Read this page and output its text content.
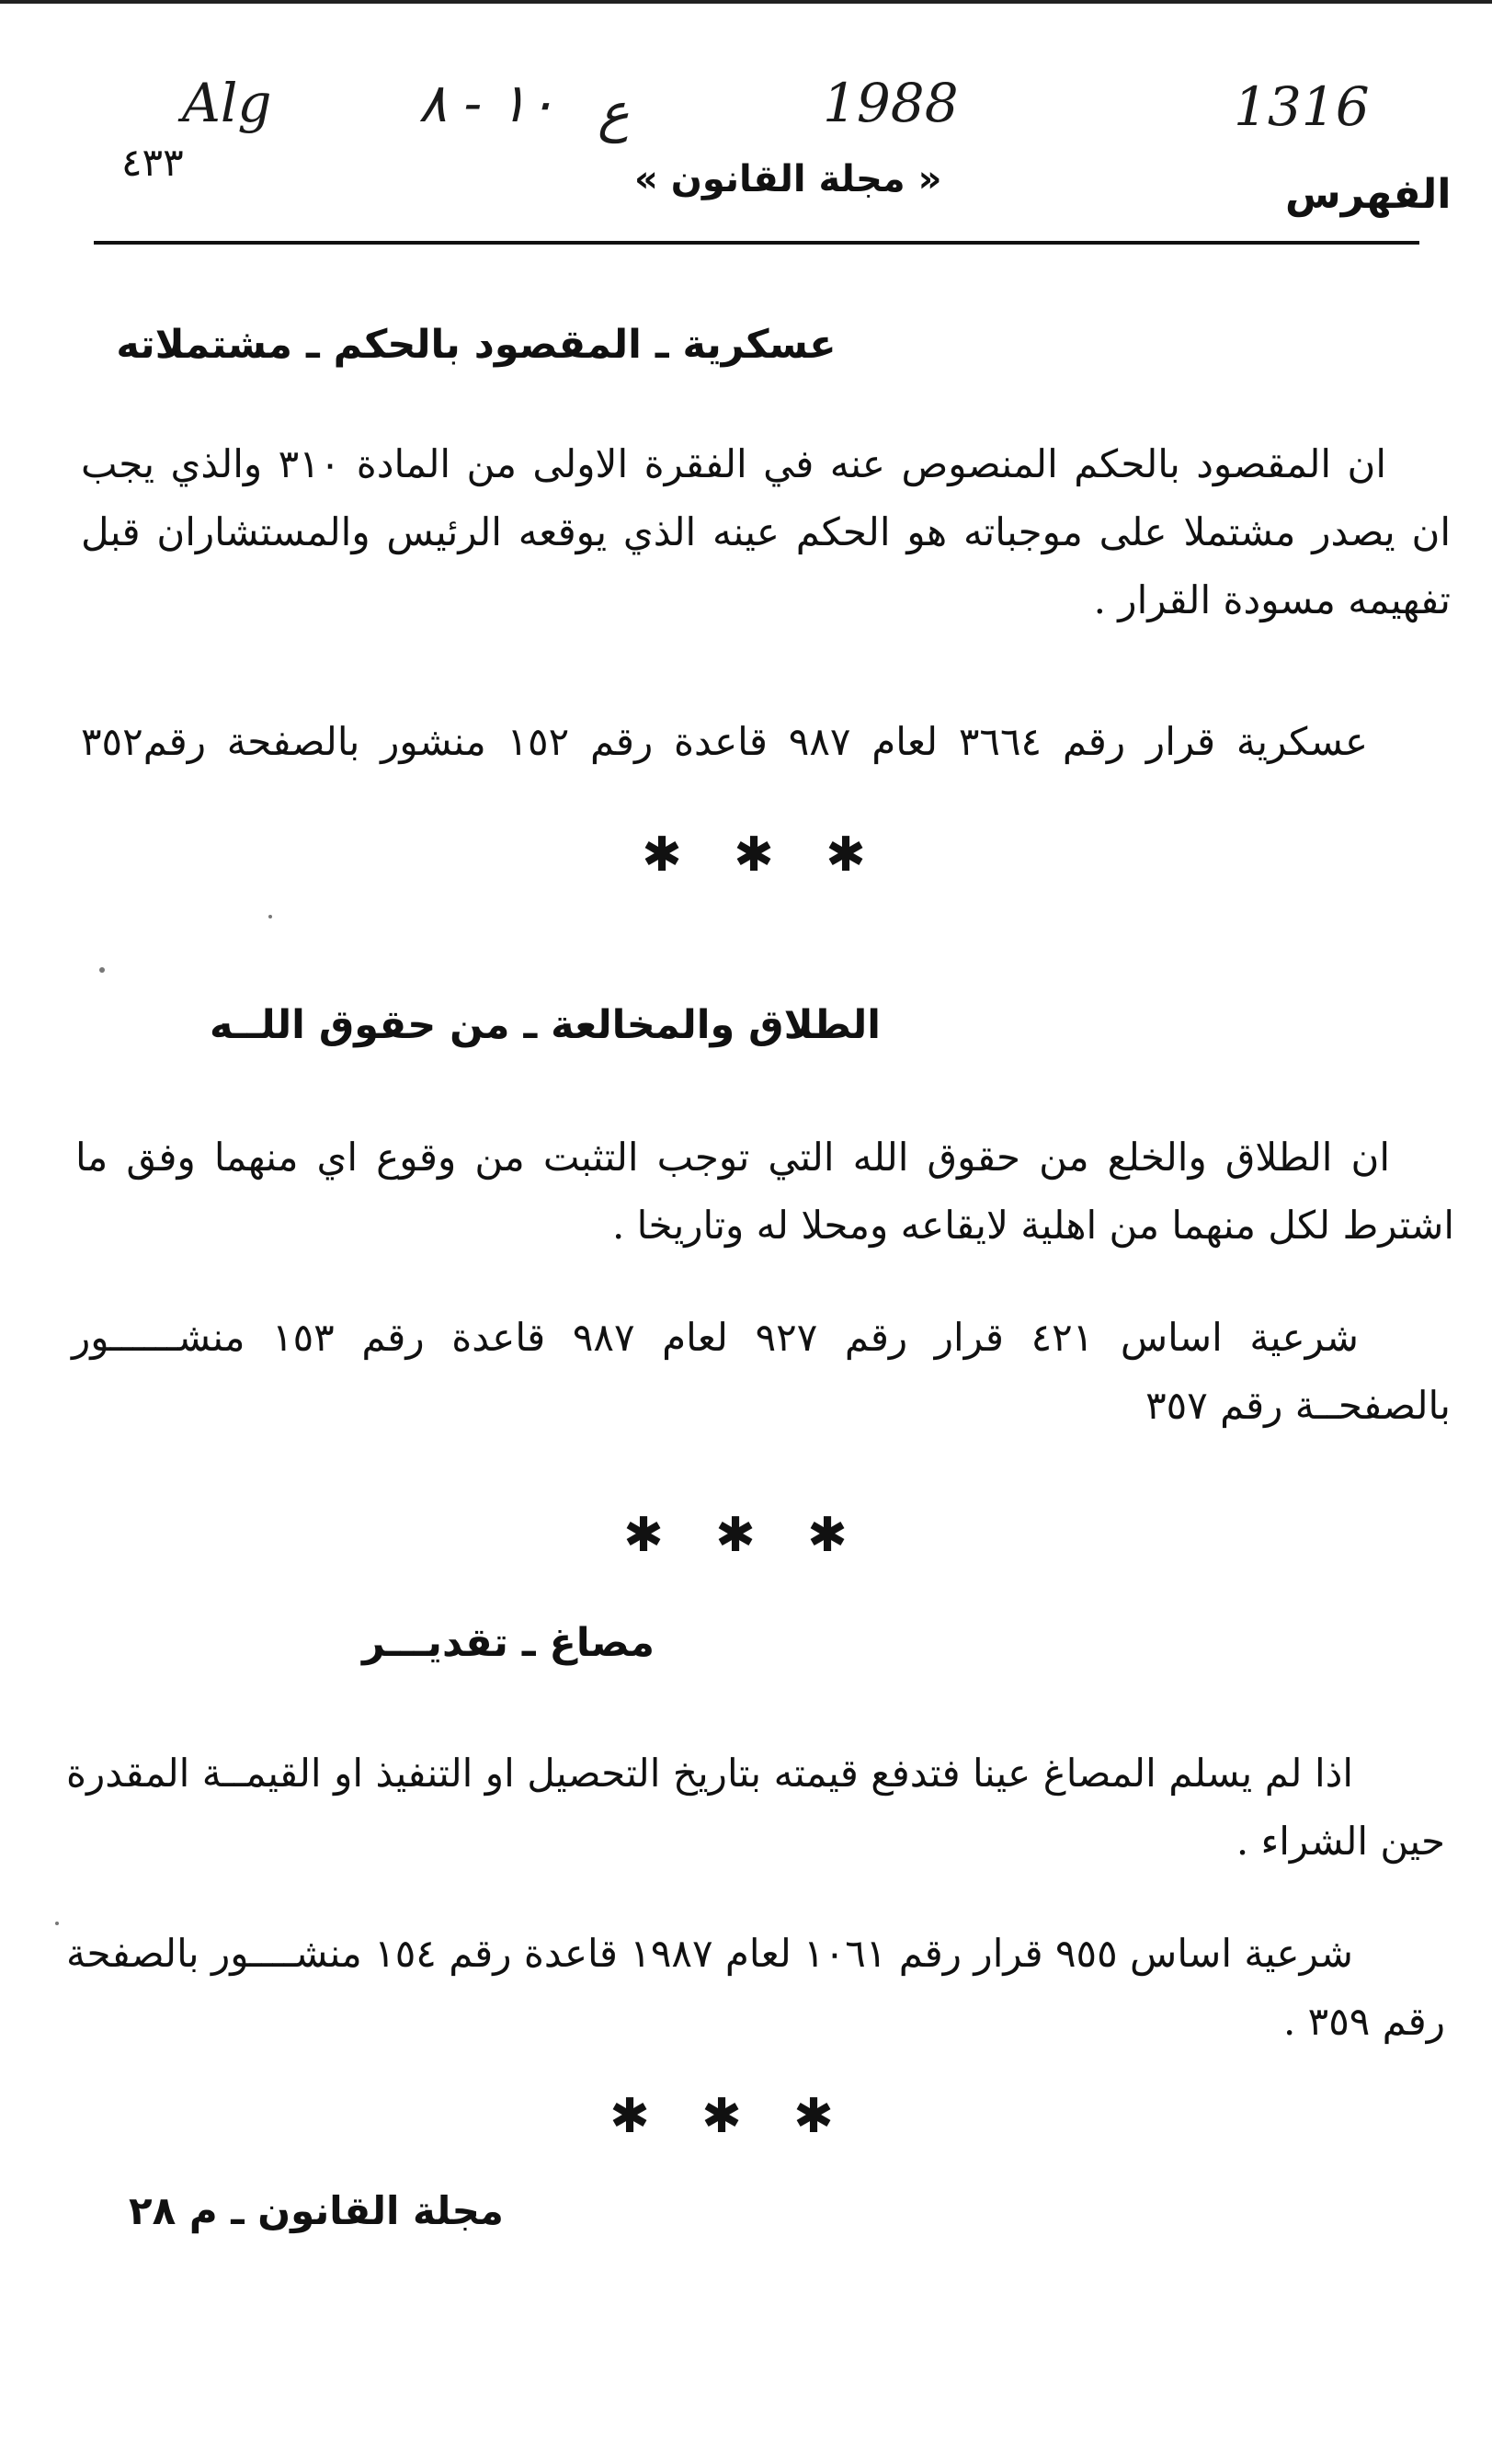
Alg	١٠ - ٨ ع	1988	1316
٤٣٣	« مجلة القانون »	الفهرس
عسكرية ـ المقصود بالحكم ـ مشتملاته
ان المقصود بالحكم المنصوص عنه في الفقرة الاولى من المادة ٣١٠ والذي يجب ان يصدر مشتملا على موجباته هو الحكم عينه الذي يوقعه الرئيس والمستشاران قبل تفهيمه مسودة القرار .
عسكرية قرار رقم ٣٦٦٤ لعام ٩٨٧ قاعدة رقم ١٥٢ منشور بالصفحة رقم٣٥٢
✱ ✱ ✱
الطلاق والمخالعة ـ من حقوق اللــه
ان الطلاق والخلع من حقوق الله التي توجب التثبت من وقوع اي منهما وفق ما اشترط لكل منهما من اهلية لايقاعه ومحلا له وتاريخا .
شرعية اساس ٤٢١ قرار رقم ٩٢٧ لعام ٩٨٧ قاعدة رقم ١٥٣ منشــــــور بالصفحــة رقم ٣٥٧
✱ ✱ ✱
مصاغ ـ تقديـــر
اذا لم يسلم المصاغ عينا فتدفع قيمته بتاريخ التحصيل او التنفيذ او القيمــة المقدرة حين الشراء .
شرعية اساس ٩٥٥ قرار رقم ١٠٦١ لعام ١٩٨٧ قاعدة رقم ١٥٤ منشــــور بالصفحة رقم ٣٥٩ .
✱ ✱ ✱
مجلة القانون ـ م ٢٨
